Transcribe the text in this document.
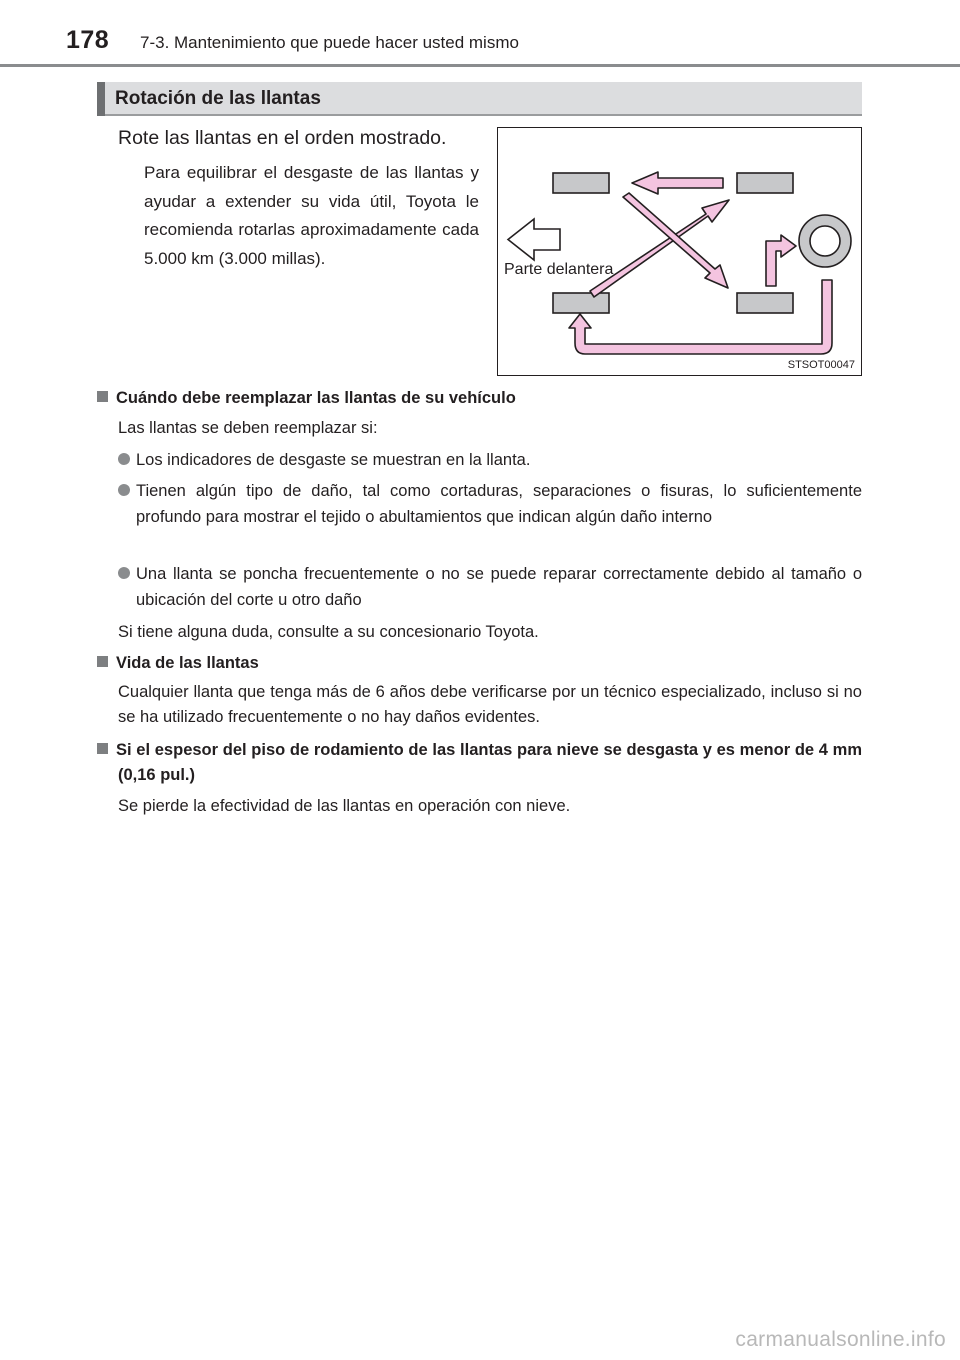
178 7-3. Mantenimiento que puede hacer usted mismo
Rotación de las llantas
Rote las llantas en el orden mostrado.
Para equilibrar el desgaste de las llantas y ayudar a extender su vida útil, Toyota le recomienda rotarlas aproximadamente cada 5.000 km (3.000 millas).
Parte delantera
STSOT00047
Cuándo debe reemplazar las llantas de su vehículo
Las llantas se deben reemplazar si:
Los indicadores de desgaste se muestran en la llanta.
Tienen algún tipo de daño, tal como cortaduras, separaciones o fisuras, lo suficientemente profundo para mostrar el tejido o abultamientos que indican algún daño interno
Una llanta se poncha frecuentemente o no se puede reparar correctamente debido al tamaño o ubicación del corte u otro daño
Si tiene alguna duda, consulte a su concesionario Toyota.
Vida de las llantas
Cualquier llanta que tenga más de 6 años debe verificarse por un técnico especializado, incluso si no se ha utilizado frecuentemente o no hay daños evidentes.
Si el espesor del piso de rodamiento de las llantas para nieve se desgasta y es menor de 4 mm (0,16 pul.)
Se pierde la efectividad de las llantas en operación con nieve.
carmanualsonline.info
